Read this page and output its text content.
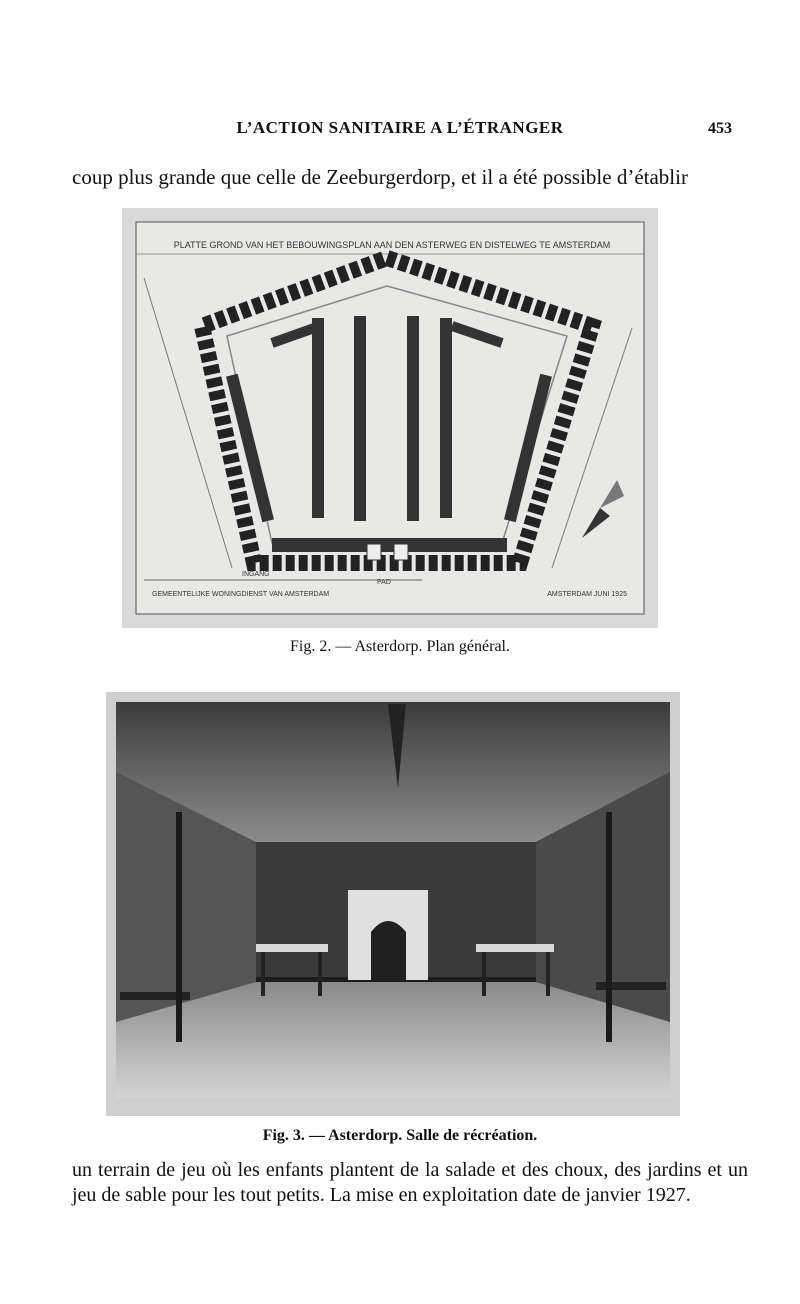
L’ACTION SANITAIRE A L’ÉTRANGER	453
coup plus grande que celle de Zeeburgerdorp, et il a été possible d’établir
PLATTE GROND VAN HET BEBOUWINGSPLAN AAN DEN ASTERWEG EN DISTELWEG TE AMSTERDAM
INGANG
PAD
GEMEENTELIJKE WONINGDIENST VAN AMSTERDAM	AMSTERDAM JUNI 1925
Fig. 2. — Asterdorp. Plan général.
Fig. 3. — Asterdorp. Salle de récréation.
un terrain de jeu où les enfants plantent de la salade et des choux, des jardins et un jeu de sable pour les tout petits. La mise en exploitation date de janvier 1927.
